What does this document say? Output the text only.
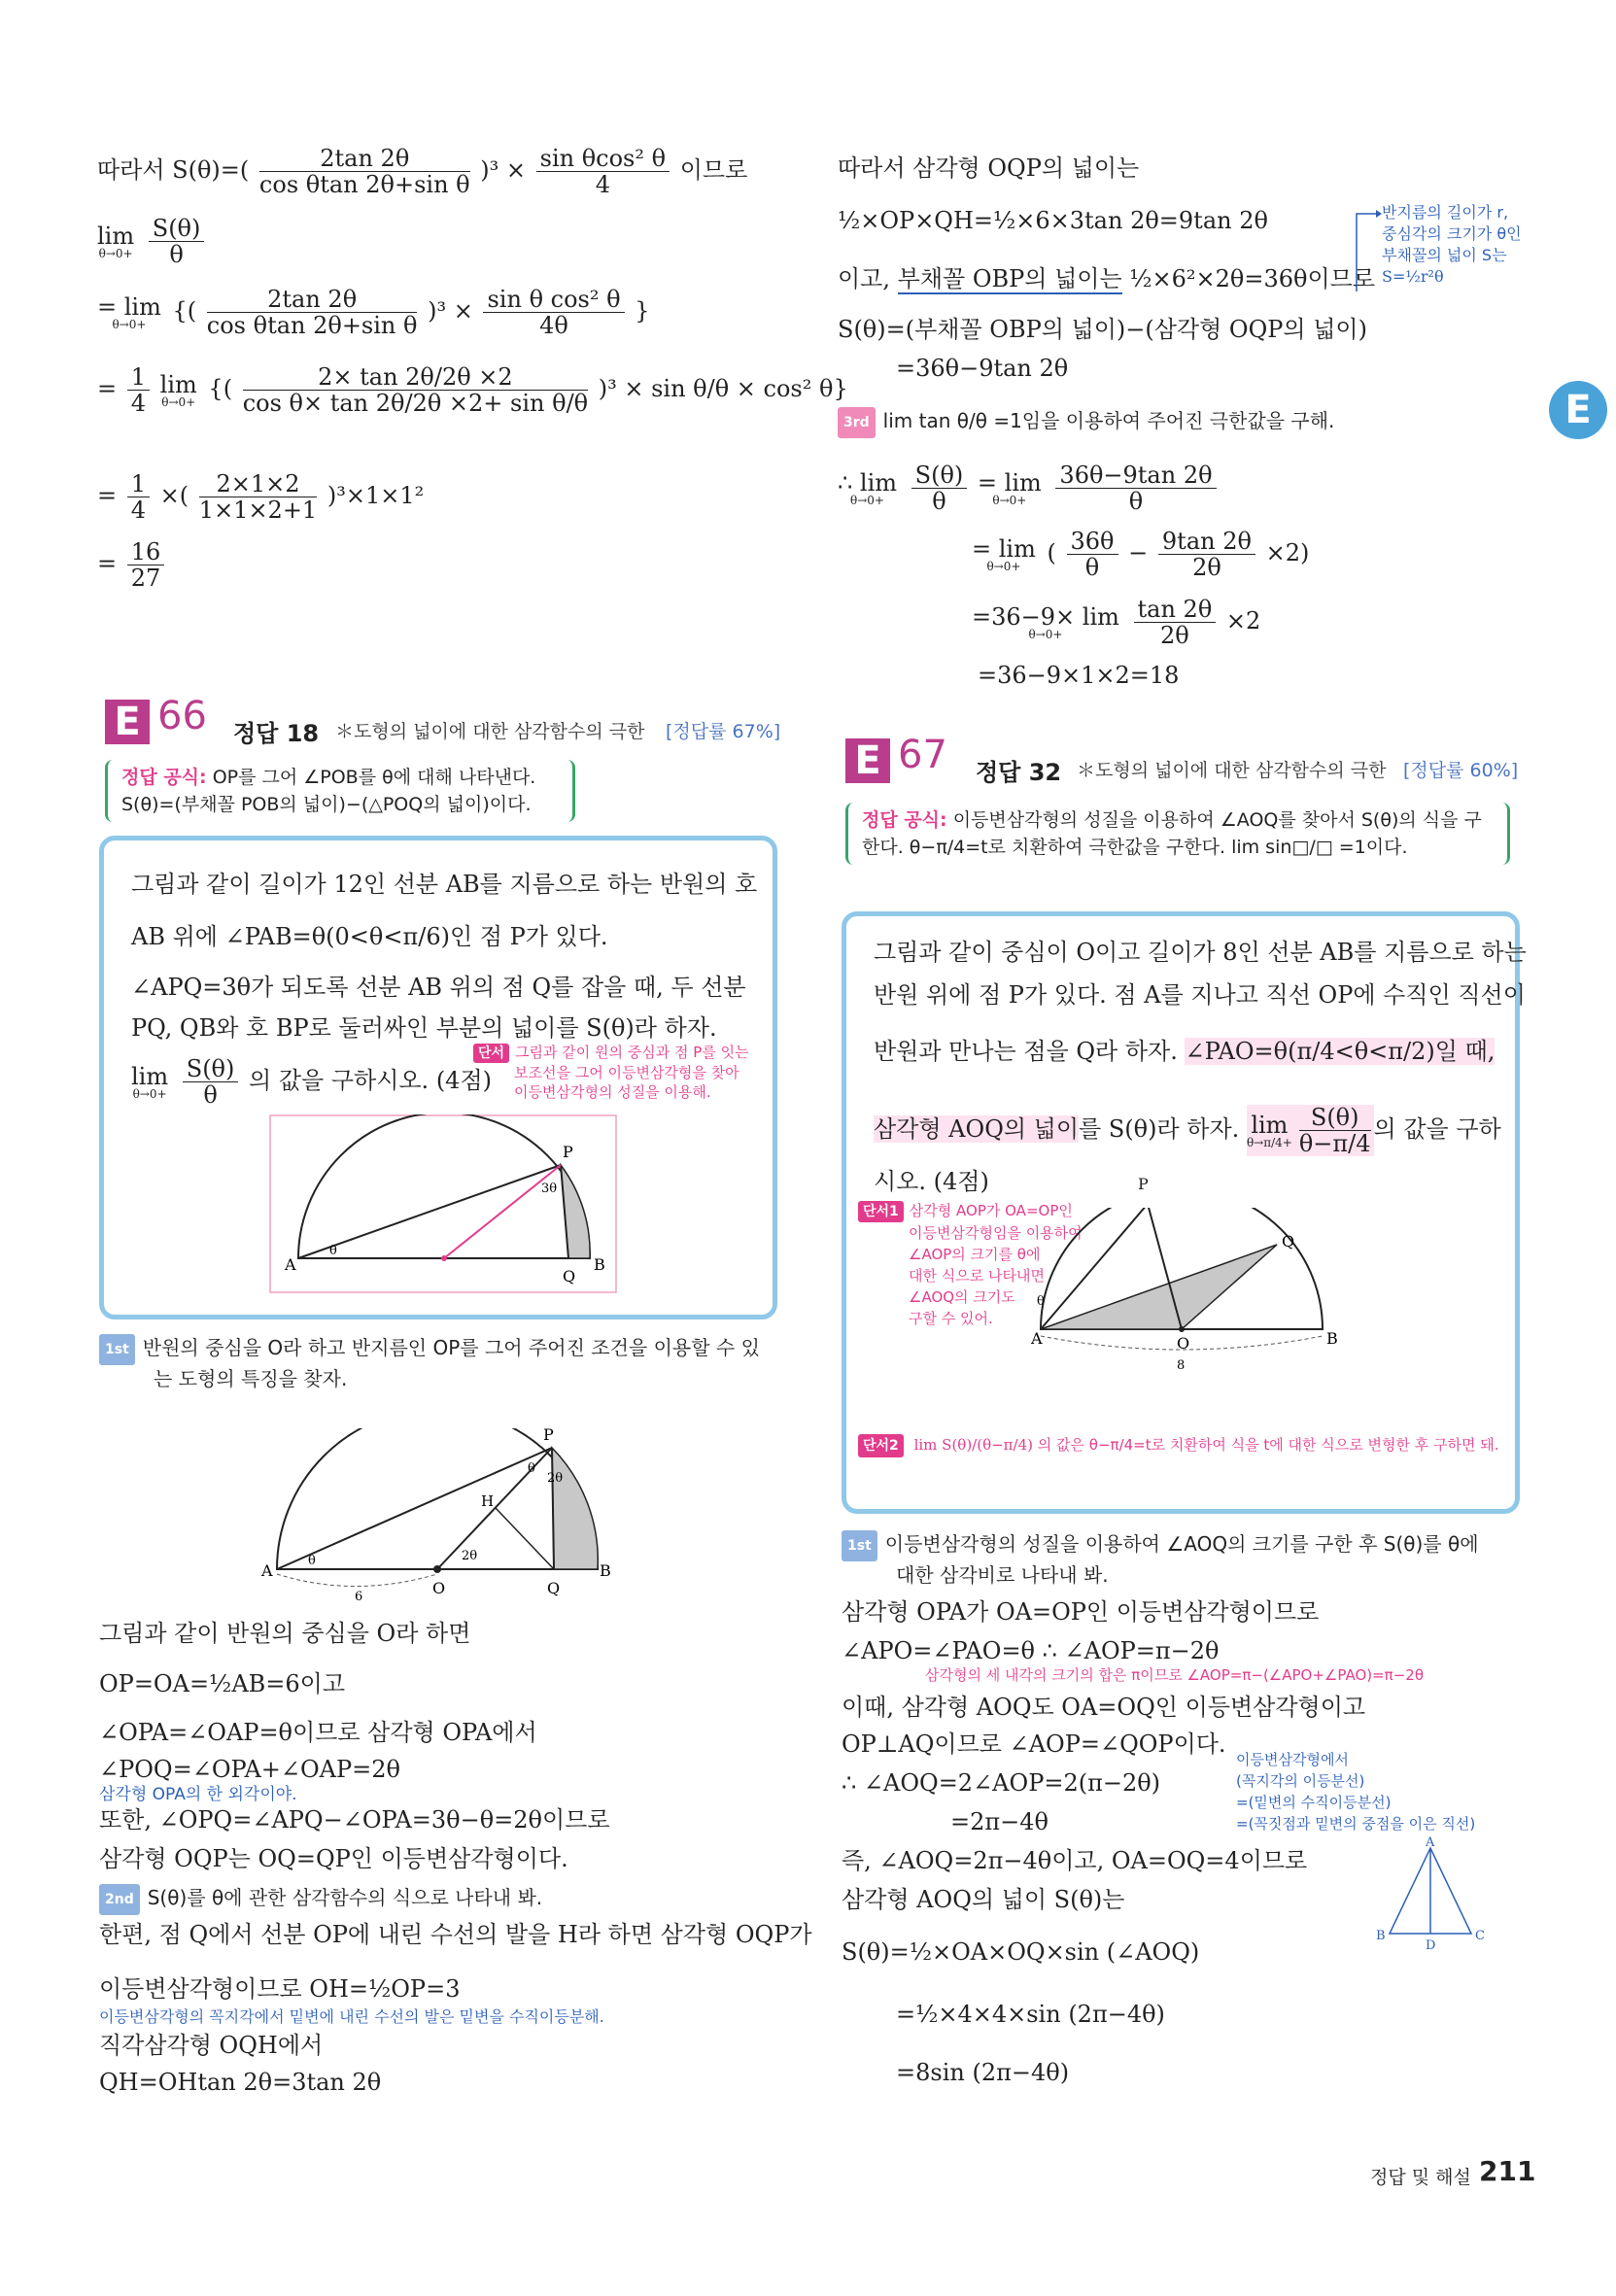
따라서 $S(\theta)=( \frac{2\tan 2\theta}{\text{cos θtan 2θ+sin θ}} )^3 \times \frac{\text{sin θcos² θ}}{4}$ 이므로
lim
θ→0+
$\frac{S(\theta)}{\theta}$
= lim
θ→0+	{( $\frac{2\tan 2\theta}{\text{cos θtan 2θ+sin θ}} )^3 \times \frac{\text{sin θ cos² θ}}{4\theta}$ }
= $\frac{1}{4}$
lim
θ→0+ {( $\frac{2\times \tan 2\theta/2\theta \times 2}{\text{cos θ× tan 2θ/2θ ×2+ sin θ/θ}} )^3 \times \sin \theta/\theta \times \cos^2$ θ}
= $\frac{1}{4}$ ×( $\frac{2\times 1\times 2}{1\times 1\times 2+1} )^3\times 1\times 1^2$
= $\frac{16}{27}$
E 66 정답 18 ＊도형의 넓이에 대한 삼각함수의 극한 [정답률 67%]
정답 공식: OP를 그어 ∠POB를 θ에 대해 나타낸다.
S(θ)=(부채꼴 POB의 넓이)−(△POQ의 넓이)이다.
그림과 같이 길이가 12인 선분 AB를 지름으로 하는 반원의 호
AB 위에 ∠PAB=θ(0<θ<π/6)인 점 P가 있다.
∠APQ=3θ가 되도록 선분 AB 위의 점 Q를 잡을 때, 두 선분
PQ, QB와 호 BP로 둘러싸인 부분의 넓이를 S(θ)라 하자.
lim
θ→0+
$\frac{S(\theta)}{\theta}$ 의 값을 구하시오. (4점)
단서 그림과 같이 원의 중심과 점 P를 잇는
보조선을 그어 이등변삼각형을 찾아
이등변삼각형의 성질을 이용해.
P
A
Q
B
θ
3θ
1st 반원의 중심을 O라 하고 반지름인 OP를 그어 주어진 조건을 이용할 수 있
는 도형의 특징을 찾자.
P
A
O	Q
B
H
6
θ	2θ
θ
2θ
그림과 같이 반원의 중심을 O라 하면
OP=OA=½AB=6이고
∠OPA=∠OAP=θ이므로 삼각형 OPA에서
∠POQ=∠OPA+∠OAP=2θ
삼각형 OPA의 한 외각이야.
또한, ∠OPQ=∠APQ−∠OPA=3θ−θ=2θ이므로
삼각형 OQP는 OQ=QP인 이등변삼각형이다.
2nd S(θ)를 θ에 관한 삼각함수의 식으로 나타내 봐.
한편, 점 Q에서 선분 OP에 내린 수선의 발을 H라 하면 삼각형 OQP가
이등변삼각형이므로 OH=½OP=3
이등변삼각형의 꼭지각에서 밑변에 내린 수선의 발은 밑변을 수직이등분해.
직각삼각형 OQH에서
QH=OHtan 2θ=3tan 2θ
따라서 삼각형 OQP의 넓이는
½×OP×QH=½×6×3tan 2θ=9tan 2θ
이고, 부채꼴 OBP의 넓이는 ½×6²×2θ=36θ이므로
S(θ)=(부채꼴 OBP의 넓이)−(삼각형 OQP의 넓이)
=36θ−9tan 2θ
반지름의 길이가 r,
중심각의 크기가 θ인
부채꼴의 넓이 S는
S=½r²θ
E
3rd lim tan θ/θ =1임을 이용하여 주어진 극한값을 구해.
∴ lim
θ→0+
	$\frac{S(\theta)}{\theta}$
= lim
θ→0+
	$\frac{36\theta-9\tan 2\theta}{\theta}$
= lim
θ→0+	( $\frac{36\theta}{\theta} - \frac{9\tan 2\theta}{2\theta} \times 2$)
=36−9× lim
θ→0+
	$\frac{\tan 2\theta}{2\theta} \times 2$
=36−9×1×2=18
E 67 정답 32 ＊도형의 넓이에 대한 삼각함수의 극한 [정답률 60%]
정답 공식: 이등변삼각형의 성질을 이용하여 ∠AOQ를 찾아서 S(θ)의 식을 구
한다. θ−π/4=t로 치환하여 극한값을 구한다. lim sin□/□ =1이다.
그림과 같이 중심이 O이고 길이가 8인 선분 AB를 지름으로 하는
반원 위에 점 P가 있다. 점 A를 지나고 직선 OP에 수직인 직선이
반원과 만나는 점을 Q라 하자. ∠PAO=θ(π/4<θ<π/2)일 때,
삼각형 AOQ의 넓이를 S(θ)라 하자. lim
$\theta\to\pi/4+ \frac{S(\theta)}{\theta-\pi/4}$ 의 값을 구하
시오. (4점)
단서1 삼각형 AOP가 OA=OP인
이등변삼각형임을 이용하여
∠AOP의 크기를 θ에
대한 식으로 나타내면
∠AOQ의 크기도
구할 수 있어.
A	O	B
Q
θ
8
P
단서2 lim S(θ)/(θ−π/4) 의 값은 θ−π/4=t로 치환하여 식을 t에 대한 식으로 변형한 후 구하면 돼.
1st 이등변삼각형의 성질을 이용하여 ∠AOQ의 크기를 구한 후 S(θ)를 θ에
대한 삼각비로 나타내 봐.
삼각형 OPA가 OA=OP인 이등변삼각형이므로
∠APO=∠PAO=θ ∴ ∠AOP=π−2θ
삼각형의 세 내각의 크기의 합은 π이므로 ∠AOP=π−(∠APO+∠PAO)=π−2θ
이때, 삼각형 AOQ도 OA=OQ인 이등변삼각형이고
OP⊥AQ이므로 ∠AOP=∠QOP이다.
∴ ∠AOQ=2∠AOP=2(π−2θ)
=2π−4θ
즉, ∠AOQ=2π−4θ이고, OA=OQ=4이므로
삼각형 AOQ의 넓이 S(θ)는
S(θ)=½×OA×OQ×sin (∠AOQ)
=½×4×4×sin (2π−4θ)
=8sin (2π−4θ)
이등변삼각형에서
(꼭지각의 이등분선)
=(밑변의 수직이등분선)
=(꼭짓점과 밑변의 중점을 이은 직선)
A
B
D
C
정답 및 해설 211
